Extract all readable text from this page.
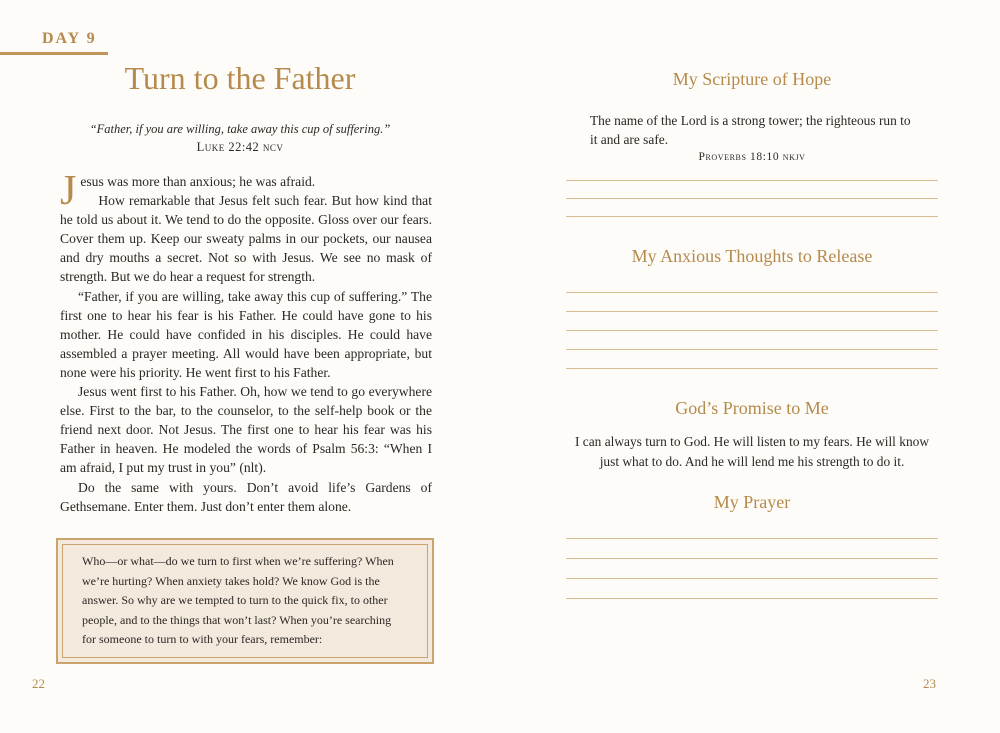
DAY 9
Turn to the Father
“Father, if you are willing, take away this cup of suffering.”
Luke 22:42 ncv

Jesus was more than anxious; he was afraid.

How remarkable that Jesus felt such fear. But how kind that he told us about it. We tend to do the opposite. Gloss over our fears. Cover them up. Keep our sweaty palms in our pockets, our nausea and dry mouths a secret. Not so with Jesus. We see no mask of strength. But we do hear a request for strength.

“Father, if you are willing, take away this cup of suffering.” The first one to hear his fear is his Father. He could have gone to his mother. He could have confided in his disciples. He could have assembled a prayer meeting. All would have been appropriate, but none were his priority. He went first to his Father.

Jesus went first to his Father. Oh, how we tend to go everywhere else. First to the bar, to the counselor, to the self-help book or the friend next door. Not Jesus. The first one to hear his fear was his Father in heaven. He modeled the words of Psalm 56:3: “When I am afraid, I put my trust in you” (nlt).

Do the same with yours. Don’t avoid life’s Gardens of Gethsemane. Enter them. Just don’t enter them alone.

Who—or what—do we turn to first when we’re suffering? When we’re hurting? When anxiety takes hold? We know God is the answer. So why are we tempted to turn to the quick fix, to other people, and to the things that won’t last? When you’re searching for someone to turn to with your fears, remember:
22
My Scripture of Hope
The name of the Lord is a strong tower; the righteous run to it and are safe.
Proverbs 18:10 nkjv
My Anxious Thoughts to Release
God’s Promise to Me
I can always turn to God. He will listen to my fears. He will know just what to do. And he will lend me his strength to do it.
My Prayer
23
